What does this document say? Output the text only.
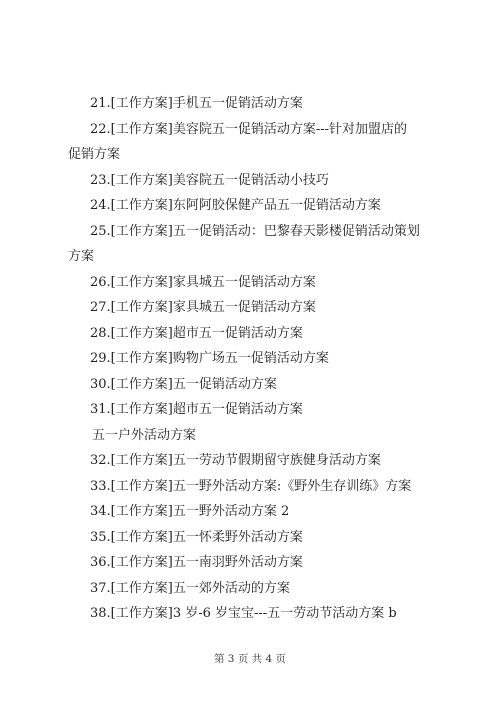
21.[工作方案]手机五一促销活动方案
22.[工作方案]美容院五一促销活动方案---针对加盟店的
促销方案
23.[工作方案]美容院五一促销活动小技巧
24.[工作方案]东阿阿胶保健产品五一促销活动方案
25.[工作方案]五一促销活动：巴黎春天影楼促销活动策划
方案
26.[工作方案]家具城五一促销活动方案
27.[工作方案]家具城五一促销活动方案
28.[工作方案]超市五一促销活动方案
29.[工作方案]购物广场五一促销活动方案
30.[工作方案]五一促销活动方案
31.[工作方案]超市五一促销活动方案
五一户外活动方案
32.[工作方案]五一劳动节假期留守族健身活动方案
33.[工作方案]五一野外活动方案:《野外生存训练》方案
34.[工作方案]五一野外活动方案 2
35.[工作方案]五一怀柔野外活动方案
36.[工作方案]五一南羽野外活动方案
37.[工作方案]五一郊外活动的方案
38.[工作方案]3 岁-6 岁宝宝---五一劳动节活动方案 b
第 3 页 共 4 页
